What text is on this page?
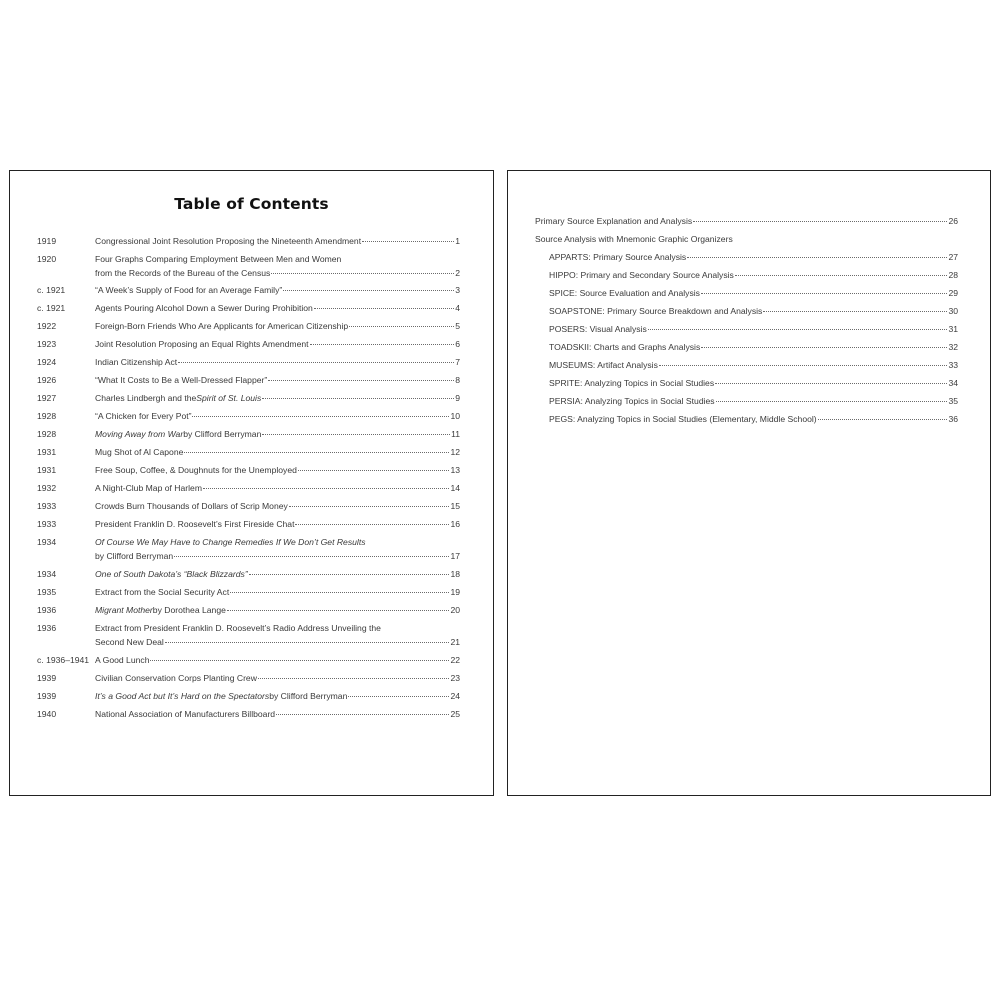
Table of Contents
1919	Congressional Joint Resolution Proposing the Nineteenth Amendment	1
1920	Four Graphs Comparing Employment Between Men and Women
from the Records of the Bureau of the Census	2
c. 1921	“A Week’s Supply of Food for an Average Family”	3
c. 1921	Agents Pouring Alcohol Down a Sewer During Prohibition	4
1922	Foreign-Born Friends Who Are Applicants for American Citizenship	5
1923	Joint Resolution Proposing an Equal Rights Amendment	6
1924	Indian Citizenship Act	7
1926	“What It Costs to Be a Well-Dressed Flapper”	8
1927	Charles Lindbergh and the Spirit of St. Louis	9
1928	“A Chicken for Every Pot”	10
1928	Moving Away from War by Clifford Berryman	11
1931	Mug Shot of Al Capone	12
1931	Free Soup, Coffee, & Doughnuts for the Unemployed	13
1932	A Night-Club Map of Harlem	14
1933	Crowds Burn Thousands of Dollars of Scrip Money	15
1933	President Franklin D. Roosevelt’s First Fireside Chat	16
1934	Of Course We May Have to Change Remedies If We Don’t Get Results
by Clifford Berryman	17
1934	One of South Dakota’s “Black Blizzards”	18
1935	Extract from the Social Security Act	19
1936	Migrant Mother by Dorothea Lange	20
1936	Extract from President Franklin D. Roosevelt’s Radio Address Unveiling the
Second New Deal	21
c. 1936–1941 A Good Lunch	22
1939	Civilian Conservation Corps Planting Crew	23
1939	It’s a Good Act but It’s Hard on the Spectators by Clifford Berryman	24
1940	National Association of Manufacturers Billboard	25
Primary Source Explanation and Analysis	26
Source Analysis with Mnemonic Graphic Organizers
APPARTS: Primary Source Analysis	27
HIPPO: Primary and Secondary Source Analysis	28
SPICE: Source Evaluation and Analysis	29
SOAPSTONE: Primary Source Breakdown and Analysis	30
POSERS: Visual Analysis	31
TOADSKII: Charts and Graphs Analysis	32
MUSEUMS: Artifact Analysis	33
SPRITE: Analyzing Topics in Social Studies	34
PERSIA: Analyzing Topics in Social Studies	35
PEGS: Analyzing Topics in Social Studies (Elementary, Middle School)	36
